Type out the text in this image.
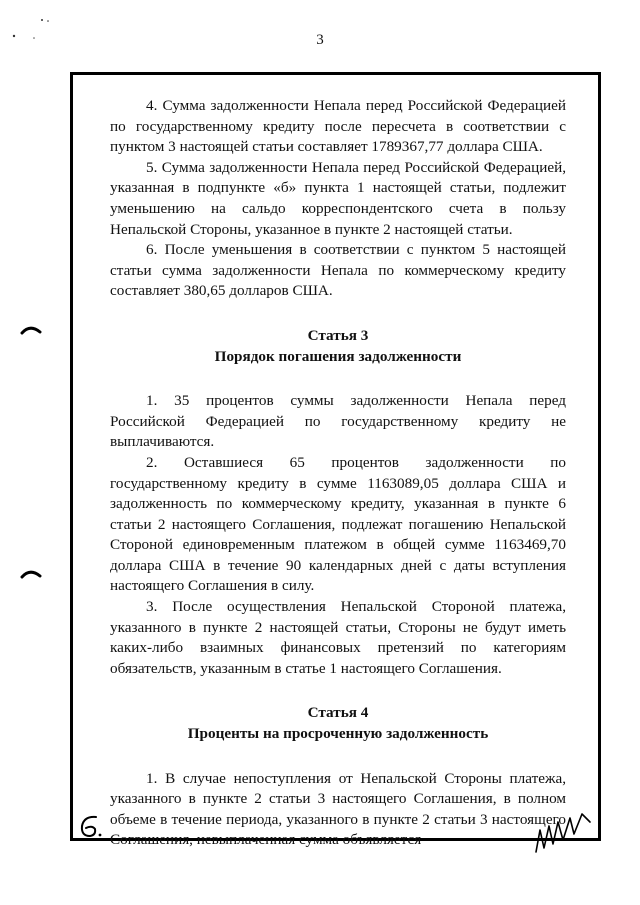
3

4. Сумма задолженности Непала перед Российской Федерацией по государственному кредиту после пересчета в соответствии с пунктом 3 настоящей статьи составляет 1789367,77 доллара США.

5. Сумма задолженности Непала перед Российской Федерацией, указанная в подпункте «б» пункта 1 настоящей статьи, подлежит уменьшению на сальдо корреспондентского счета в пользу Непальской Стороны, указанное в пункте 2 настоящей статьи.

6. После уменьшения в соответствии с пунктом 5 настоящей статьи сумма задолженности Непала по коммерческому кредиту составляет 380,65 долларов США.

Статья 3
Порядок погашения задолженности

1. 35 процентов суммы задолженности Непала перед Российской Федерацией по государственному кредиту не выплачиваются.

2. Оставшиеся 65 процентов задолженности по государственному кредиту в сумме 1163089,05 доллара США и задолженность по коммерческому кредиту, указанная в пункте 6 статьи 2 настоящего Соглашения, подлежат погашению Непальской Стороной единовременным платежом в общей сумме 1163469,70 доллара США в течение 90 календарных дней с даты вступления настоящего Соглашения в силу.

3. После осуществления Непальской Стороной платежа, указанного в пункте 2 настоящей статьи, Стороны не будут иметь каких-либо взаимных финансовых претензий по категориям обязательств, указанным в статье 1 настоящего Соглашения.

Статья 4
Проценты на просроченную задолженность

1. В случае непоступления от Непальской Стороны платежа, указанного в пункте 2 статьи 3 настоящего Соглашения, в полном объеме в течение периода, указанного в пункте 2 статьи 3 настоящего Соглашения, невыплаченная сумма объявляется
